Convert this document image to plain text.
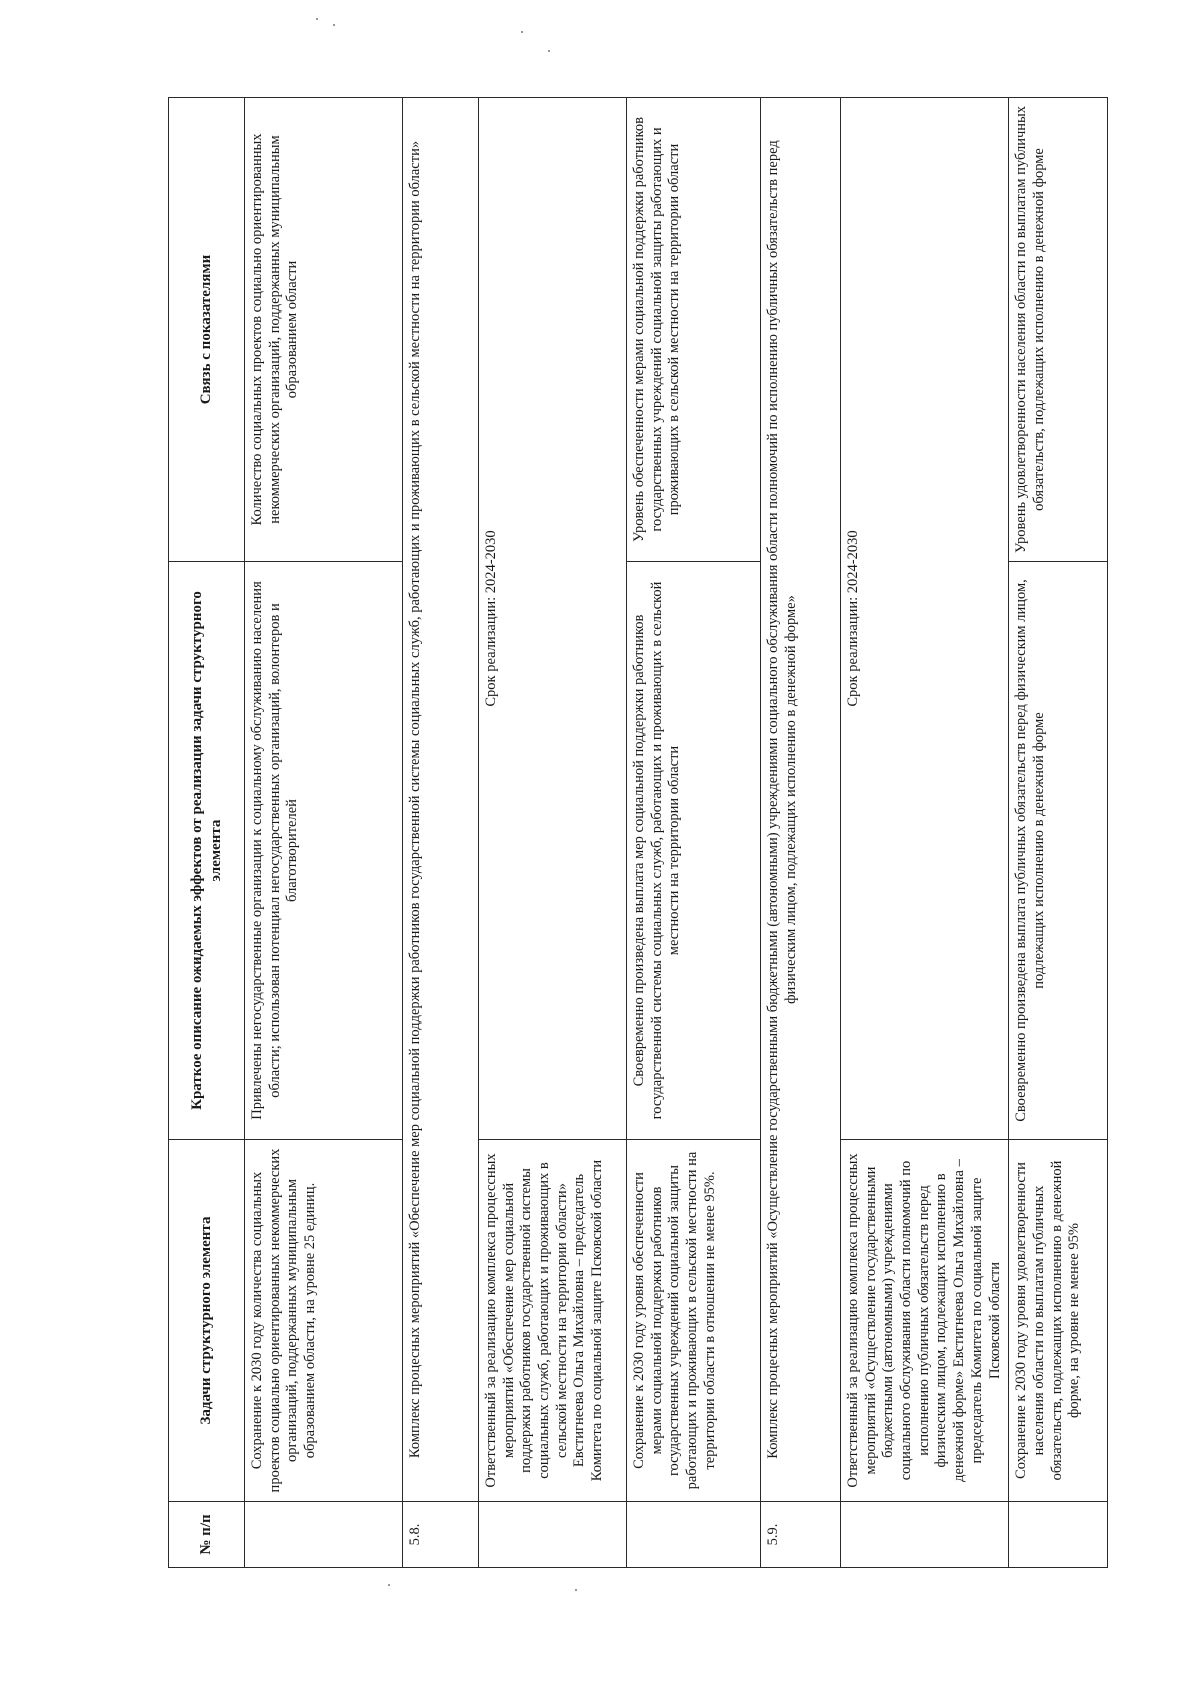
№ п/п	Задачи структурного элемента	Краткое описание ожидаемых эффектов от реализации задачи структурного элемента	Связь с показателями
	Сохранение к 2030 году количества социальных проектов социально ориентированных некоммерческих организаций, поддержанных муниципальным образованием области, на уровне 25 единиц.	Привлечены негосударственные организации к социальному обслуживанию населения области; использован потенциал негосударственных организаций, волонтеров и благотворителей	Количество социальных проектов социально ориентированных некоммерческих организаций, поддержанных муниципальным образованием области
5.8.	Комплекс процесных мероприятий «Обеспечение мер социальной поддержки работников государственной системы социальных служб, работающих и проживающих в сельской местности на территории области»		
	Ответственный за реализацию комплекса процессных мероприятий «Обеспечение мер социальной поддержки работников государственной системы социальных служб, работающих и проживающих в сельской местности на территории области» Евстигнеева Ольга Михайловна – председатель Комитета по социальной защите Псковской области	Срок реализации: 2024-2030	
	Сохранение к 2030 году уровня обеспеченности мерами социальной поддержки работников государственных учреждений социальной защиты работающих и проживающих в сельской местности на территории области в отношении не менее 95%.	Своевременно произведена выплата мер социальной поддержки работников государственной системы социальных служб, работающих и проживающих в сельской местности на территории области	Уровень обеспеченности мерами социальной поддержки работников государственных учреждений социальной защиты работающих и проживающих в сельской местности на территории области
5.9.	Комплекс процесных мероприятий «Осуществление государственными бюджетными (автономными) учреждениями социального обслуживания области полномочий по исполнению публичных обязательств перед физическим лицом, подлежащих исполнению в денежной форме»		
	Ответственный за реализацию комплекса процессных мероприятий «Осуществление государственными бюджетными (автономными) учреждениями социального обслуживания области полномочий по исполнению публичных обязательств перед физическим лицом, подлежащих исполнению в денежной форме» Евстигнеева Ольга Михайловна – председатель Комитета по социальной защите Псковской области	Срок реализации: 2024-2030	
	Сохранение к 2030 году уровня удовлетворенности населения области по выплатам публичных обязательств, подлежащих исполнению в денежной форме, на уровне не менее 95%	Своевременно произведена выплата публичных обязательств перед физическим лицом, подлежащих исполнению в денежной форме	Уровень удовлетворенности населения области по выплатам публичных обязательств, подлежащих исполнению в денежной форме
